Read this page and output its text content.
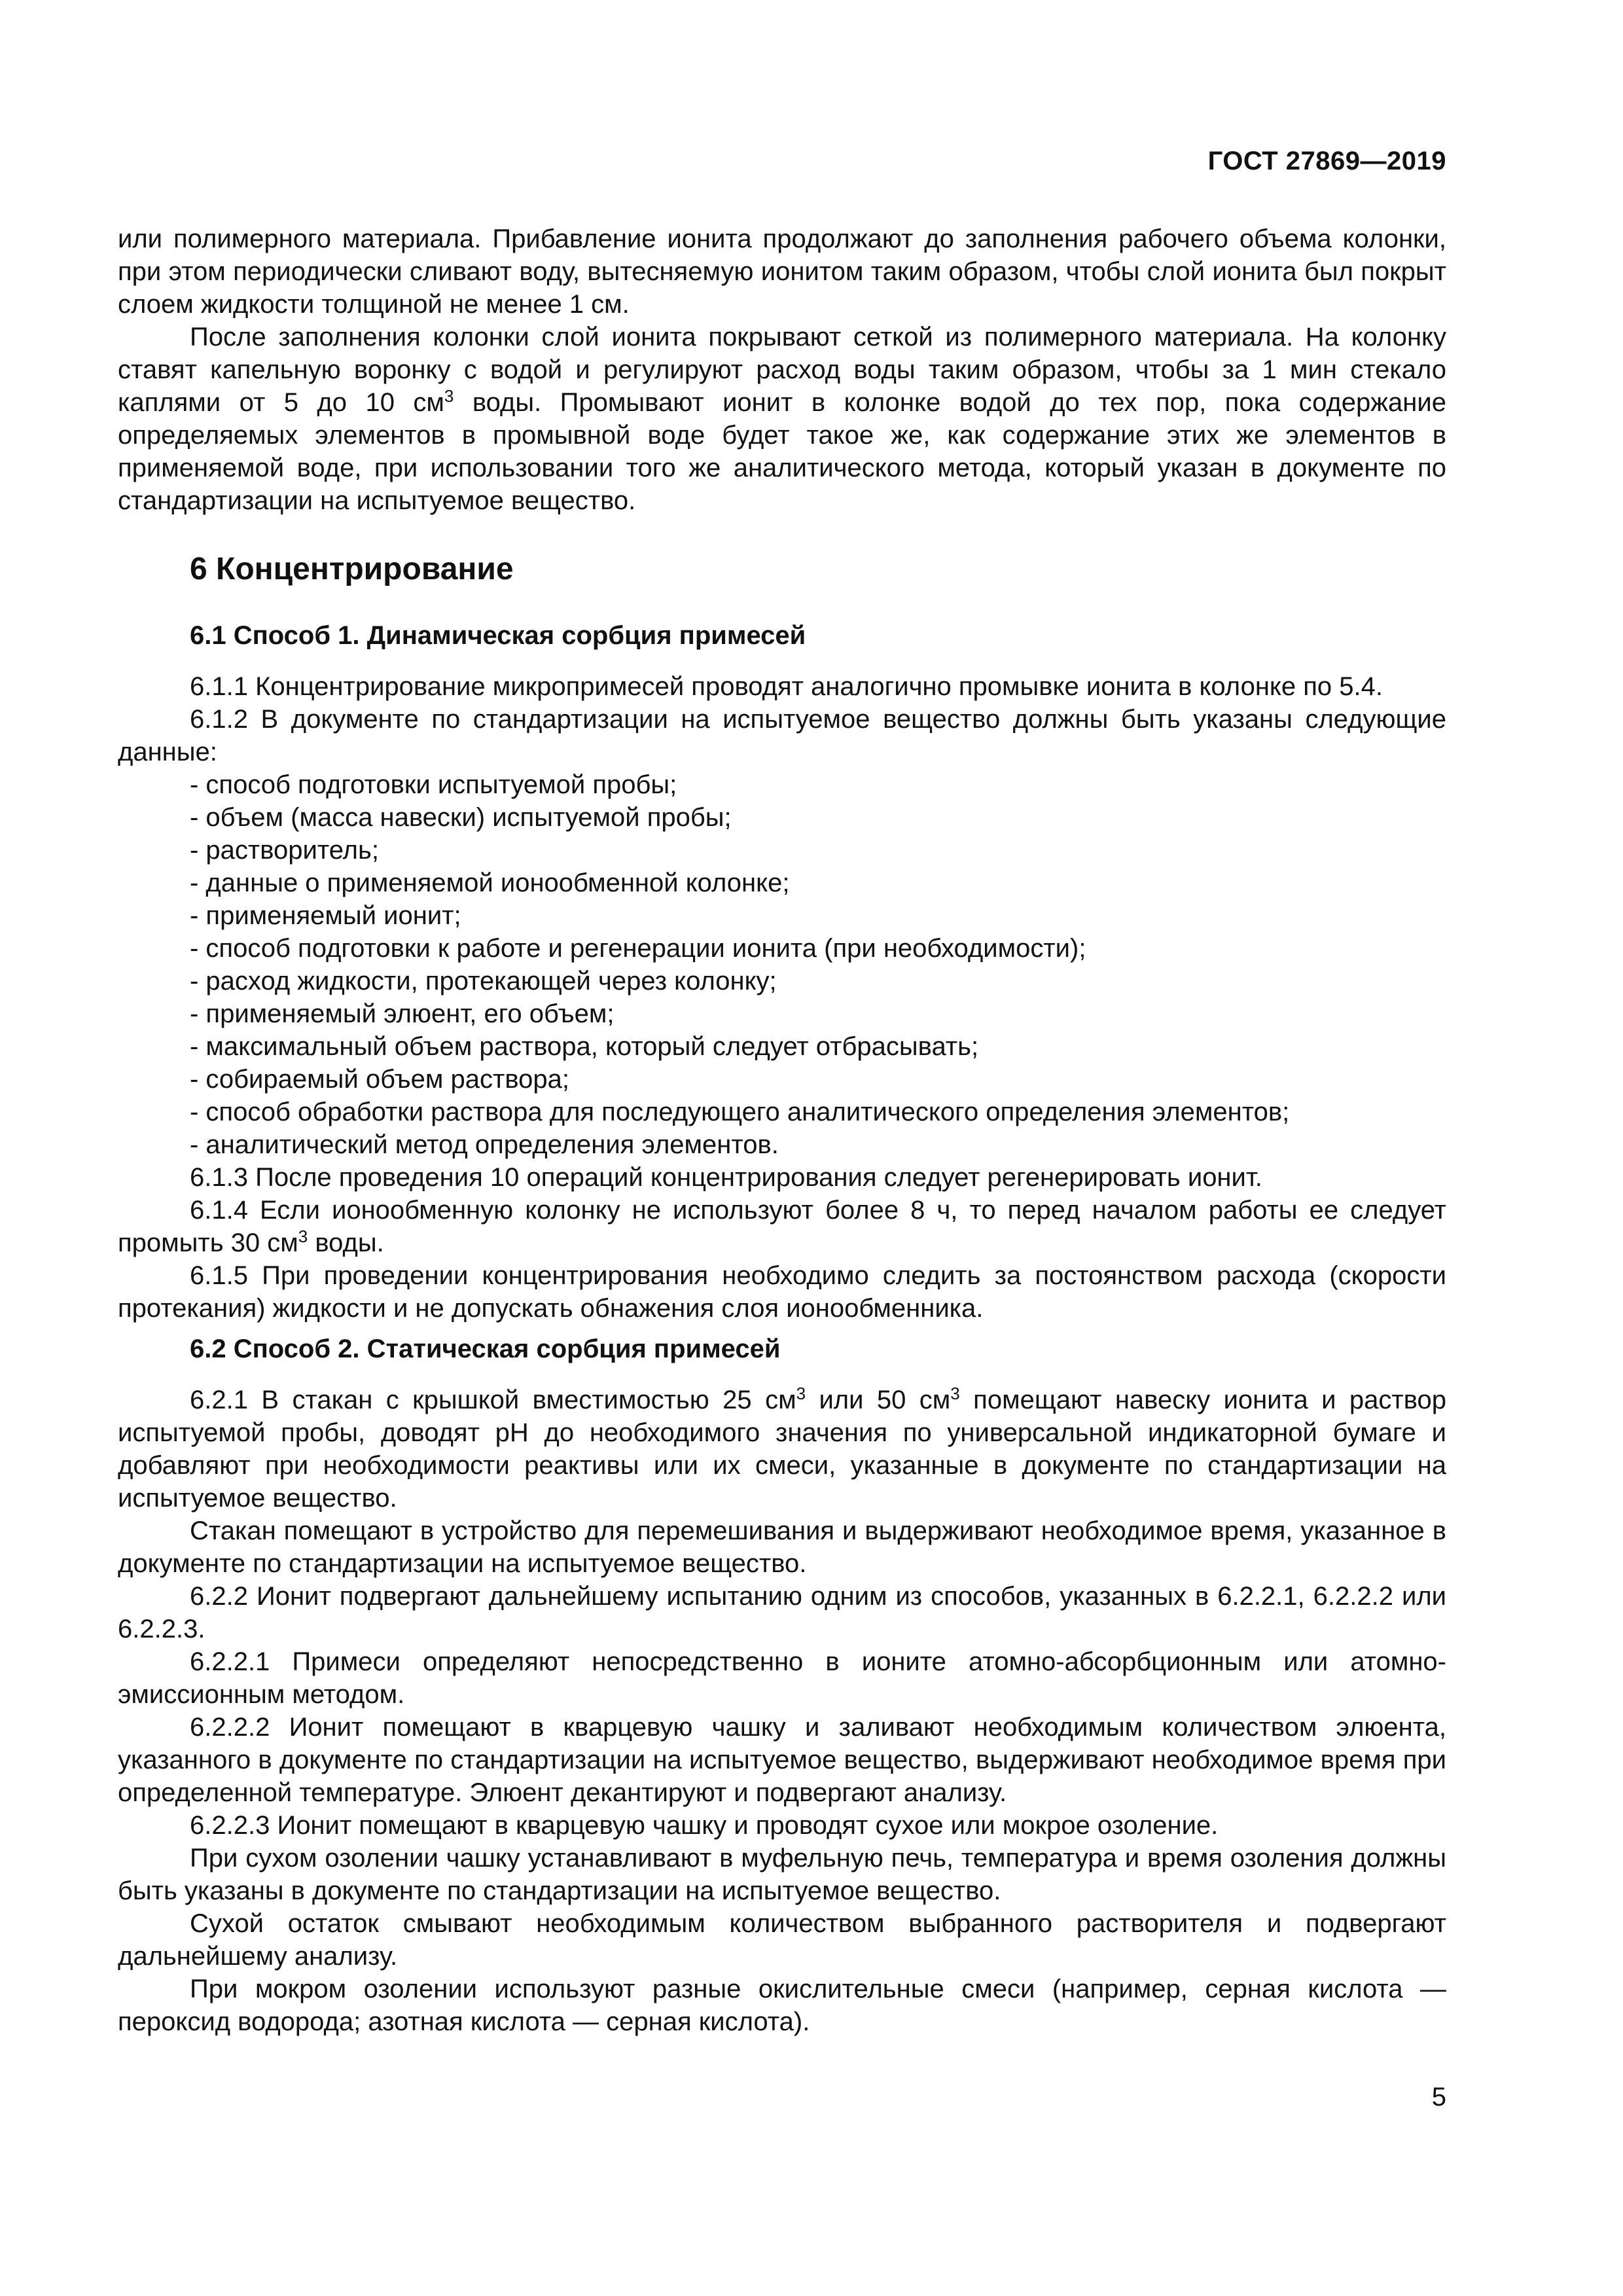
ГОСТ 27869—2019

или полимерного материала. Прибавление ионита продолжают до заполнения рабочего объема колонки, при этом периодически сливают воду, вытесняемую ионитом таким образом, чтобы слой ионита был покрыт слоем жидкости толщиной не менее 1 см.

После заполнения колонки слой ионита покрывают сеткой из полимерного материала. На колонку ставят капельную воронку с водой и регулируют расход воды таким образом, чтобы за 1 мин стекало каплями от 5 до 10 $см^3$ воды. Промывают ионит в колонке водой до тех пор, пока содержание определяемых элементов в промывной воде будет такое же, как содержание этих же элементов в применяемой воде, при использовании того же аналитического метода, который указан в документе по стандартизации на испытуемое вещество.

6 Концентрирование
6.1 Способ 1. Динамическая сорбция примесей

6.1.1 Концентрирование микропримесей проводят аналогично промывке ионита в колонке по 5.4.

6.1.2 В документе по стандартизации на испытуемое вещество должны быть указаны следующие данные:

- способ подготовки испытуемой пробы;
- объем (масса навески) испытуемой пробы;
- растворитель;
- данные о применяемой ионообменной колонке;
- применяемый ионит;
- способ подготовки к работе и регенерации ионита (при необходимости);
- расход жидкости, протекающей через колонку;
- применяемый элюент, его объем;
- максимальный объем раствора, который следует отбрасывать;
- собираемый объем раствора;
- способ обработки раствора для последующего аналитического определения элементов;
- аналитический метод определения элементов.

6.1.3 После проведения 10 операций концентрирования следует регенерировать ионит.

6.1.4 Если ионообменную колонку не используют более 8 ч, то перед началом работы ее следует промыть 30 $см^3$ воды.

6.1.5 При проведении концентрирования необходимо следить за постоянством расхода (скорости протекания) жидкости и не допускать обнажения слоя ионообменника.

6.2 Способ 2. Статическая сорбция примесей

6.2.1 В стакан с крышкой вместимостью 25 $см^3$ или 50 $см^3$ помещают навеску ионита и раствор испытуемой пробы, доводят pH до необходимого значения по универсальной индикаторной бумаге и добавляют при необходимости реактивы или их смеси, указанные в документе по стандартизации на испытуемое вещество.

Стакан помещают в устройство для перемешивания и выдерживают необходимое время, указанное в документе по стандартизации на испытуемое вещество.

6.2.2 Ионит подвергают дальнейшему испытанию одним из способов, указанных в 6.2.2.1, 6.2.2.2 или 6.2.2.3.

6.2.2.1 Примеси определяют непосредственно в ионите атомно-абсорбционным или атомно-эмиссионным методом.

6.2.2.2 Ионит помещают в кварцевую чашку и заливают необходимым количеством элюента, указанного в документе по стандартизации на испытуемое вещество, выдерживают необходимое время при определенной температуре. Элюент декантируют и подвергают анализу.

6.2.2.3 Ионит помещают в кварцевую чашку и проводят сухое или мокрое озоление.

При сухом озолении чашку устанавливают в муфельную печь, температура и время озоления должны быть указаны в документе по стандартизации на испытуемое вещество.

Сухой остаток смывают необходимым количеством выбранного растворителя и подвергают дальнейшему анализу.

При мокром озолении используют разные окислительные смеси (например, серная кислота — пероксид водорода; азотная кислота — серная кислота).

5
